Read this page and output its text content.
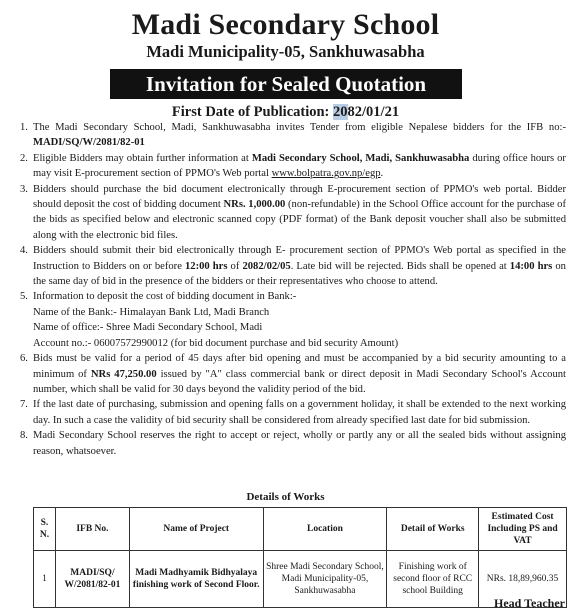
Madi Secondary School
Madi Municipality-05, Sankhuwasabha
Invitation for Sealed Quotation
First Date of Publication: 2082/01/21
1. The Madi Secondary School, Madi, Sankhuwasabha invites Tender from eligible Nepalese bidders for the IFB no:- MADI/SQ/W/2081/82-01
2. Eligible Bidders may obtain further information at Madi Secondary School, Madi, Sankhuwasabha during office hours or may visit E-procurement section of PPMO's Web portal www.bolpatra.gov.np/egp.
3. Bidders should purchase the bid document electronically through E-procurement section of PPMO's web portal. Bidder should deposit the cost of bidding document NRs. 1,000.00 (non-refundable) in the School Office account for the purchase of the bids as specified below and electronic scanned copy (PDF format) of the Bank deposit voucher shall also be submitted along with the electronic bid files.
4. Bidders should submit their bid electronically through E- procurement section of PPMO's Web portal as specified in the Instruction to Bidders on or before 12:00 hrs of 2082/02/05. Late bid will be rejected. Bids shall be opened at 14:00 hrs on the same day of bid in the presence of the bidders or their representatives who choose to attend.
5. Information to deposit the cost of bidding document in Bank:-
Name of the Bank:- Himalayan Bank Ltd, Madi Branch
Name of office:- Shree Madi Secondary School, Madi
Account no.:- 06007572990012 (for bid document purchase and bid security Amount)
6. Bids must be valid for a period of 45 days after bid opening and must be accompanied by a bid security amounting to a minimum of NRs 47,250.00 issued by "A" class commercial bank or direct deposit in Madi Secondary School's Account number, which shall be valid for 30 days beyond the validity period of the bid.
7. If the last date of purchasing, submission and opening falls on a government holiday, it shall be extended to the next working day. In such a case the validity of bid security shall be considered from already specified last date for bid submission.
8. Madi Secondary School reserves the right to accept or reject, wholly or partly any or all the sealed bids without assigning reason, whatsoever.
Details of Works
S. N.	IFB No.	Name of Project	Location	Detail of Works	Estimated Cost Including PS and VAT
1	MADI/SQ/ W/2081/82-01	Madi Madhyamik Bidhyalaya finishing work of Second Floor.	Shree Madi Secondary School, Madi Municipality-05, Sankhuwasabha	Finishing work of second floor of RCC school Building	NRs. 18,89,960.35
Head Teacher
